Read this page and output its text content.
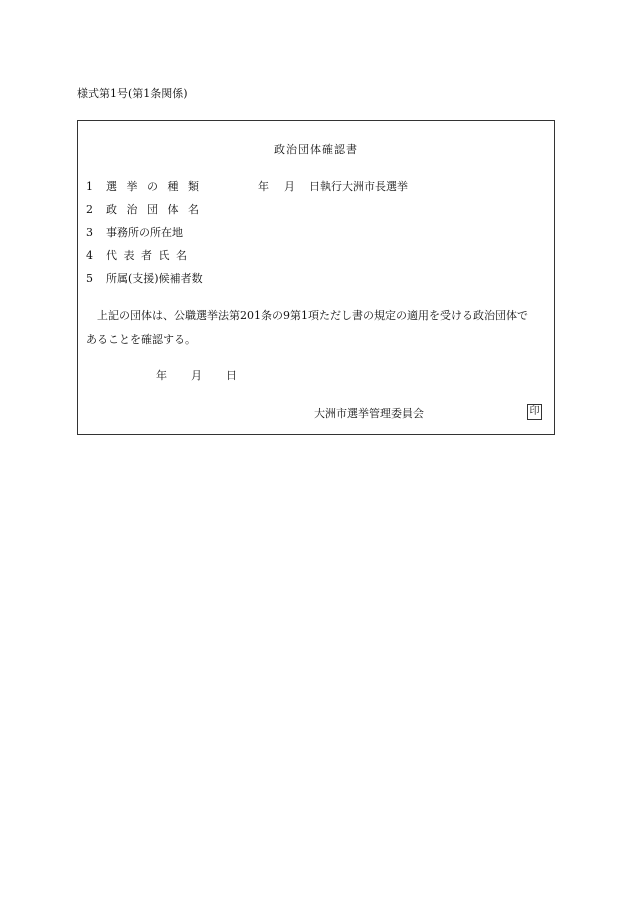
様式第1号(第1条関係)
政治団体確認書
1 選 挙 の 種 類	年 月 日執行大洲市長選挙
2 政 治 団 体 名
3 事務所の所在地
4 代 表 者 氏 名
5 所属(支援)候補者数
上記の団体は、公職選挙法第201条の9第1項ただし書の規定の適用を受ける政治団体で
あることを確認する。
年 月 日
大洲市選挙管理委員会	印
